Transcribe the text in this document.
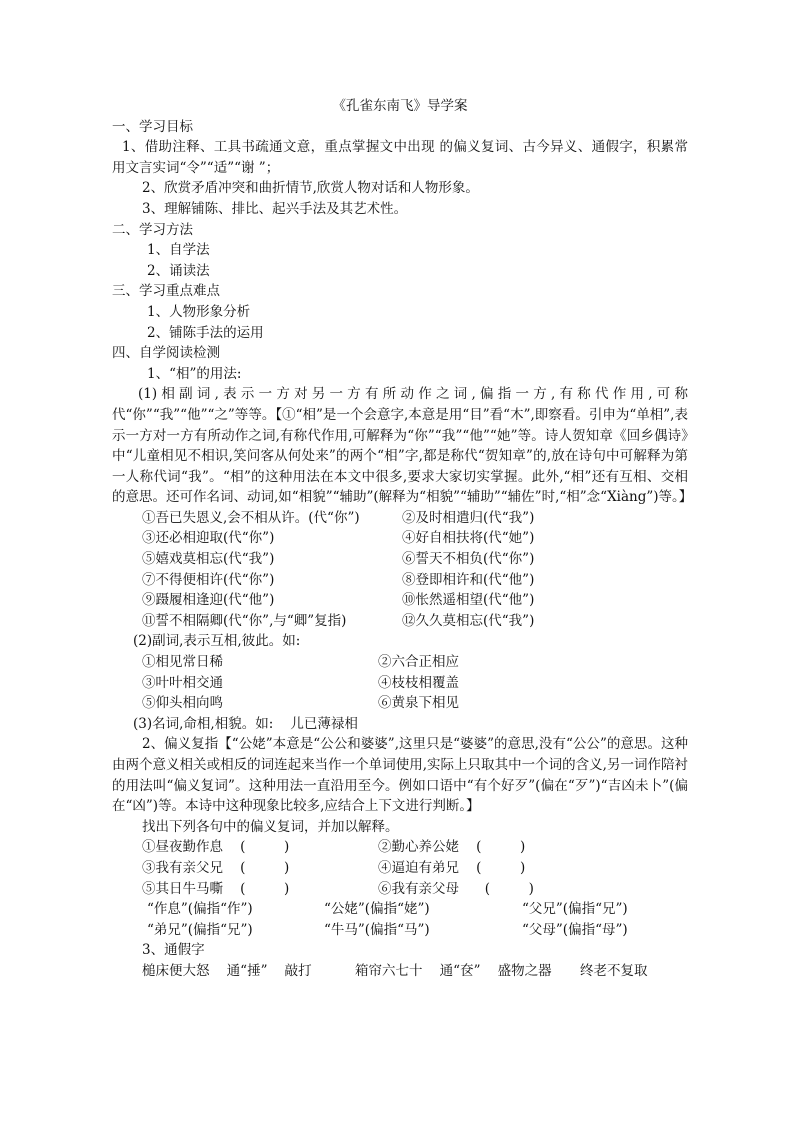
《孔雀东南飞》导学案
一、学习目标
1、借助注释、工具书疏通文意，重点掌握文中出现 的偏义复词、古今异义、通假字，积累常用文言实词“令”“适”“谢 ”；
2、欣赏矛盾冲突和曲折情节,欣赏人物对话和人物形象。
3、理解铺陈、排比、起兴手法及其艺术性。
二、学习方法
1、自学法
2、诵读法
三、学习重点难点
1、人物形象分析
2、铺陈手法的运用
四、自学阅读检测
1、“相”的用法:
(1)相副词,表示一方对另一方有所动作之词,偏指一方,有称代作用,可称代“你”“我”“他”“之”等等。【①“相”是一个会意字,本意是用“目”看“木”,即察看。引申为“单相”,表示一方对一方有所动作之词,有称代作用,可解释为“你”“我”“他”“她”等。诗人贺知章《回乡偶诗》中“儿童相见不相识,笑问客从何处来”的两个“相”字,都是称代“贺知章”的,放在诗句中可解释为第一人称代词“我”。“相”的这种用法在本文中很多,要求大家切实掌握。此外,“相”还有互相、交相的意思。还可作名词、动词,如“相貌”“辅助”(解释为“相貌”“辅助”“辅佐”时,“相”念“Xiàng”)等。】
①吾已失恩义,会不相从许。(代“你”)	②及时相遣归(代“我”)
③还必相迎取(代“你”)	④好自相扶将(代“她”)
⑤嬉戏莫相忘(代“我”)	⑥誓天不相负(代“你”)
⑦不得便相许(代“你”)	⑧登即相许和(代“他”)
⑨蹑履相逢迎(代“他”)	⑩怅然遥相望(代“他”)
⑪誓不相隔卿(代“你”,与“卿”复指)	⑫久久莫相忘(代“我”)
(2)副词,表示互相,彼此。如:
①相见常日稀	②六合正相应
③叶叶相交通	④枝枝相覆盖
⑤仰头相向鸣	⑥黄泉下相见
(3)名词,命相,相貌。如:    儿已薄禄相
2、偏义复指【“公姥”本意是“公公和婆婆”,这里只是“婆婆”的意思,没有“公公”的意思。这种由两个意义相关或相反的词连起来当作一个单词使用,实际上只取其中一个词的含义,另一词作陪衬的用法叫“偏义复词”。这种用法一直沿用至今。例如口语中“有个好歹”(偏在“歹”)“吉凶未卜”(偏在“凶”)等。本诗中这种现象比较多,应结合上下文进行判断。】
找出下列各句中的偏义复词，并加以解释。
①昼夜勤作息    (         )	②勤心养公姥    (         )
③我有亲父兄    (         )	④逼迫有弟兄    (         )
⑤其日牛马嘶    (         )	⑥我有亲父母      (         )
“作息”(偏指“作”)	“公姥”(偏指“姥”)	“父兄”(偏指“兄”)
“弟兄”(偏指“兄”)	“牛马”(偏指“马”)	“父母”(偏指“母”)
3、通假字
槌床便大怒    通“捶”    敲打	箱帘六七十    通“奁”    盛物之器	终老不复取
